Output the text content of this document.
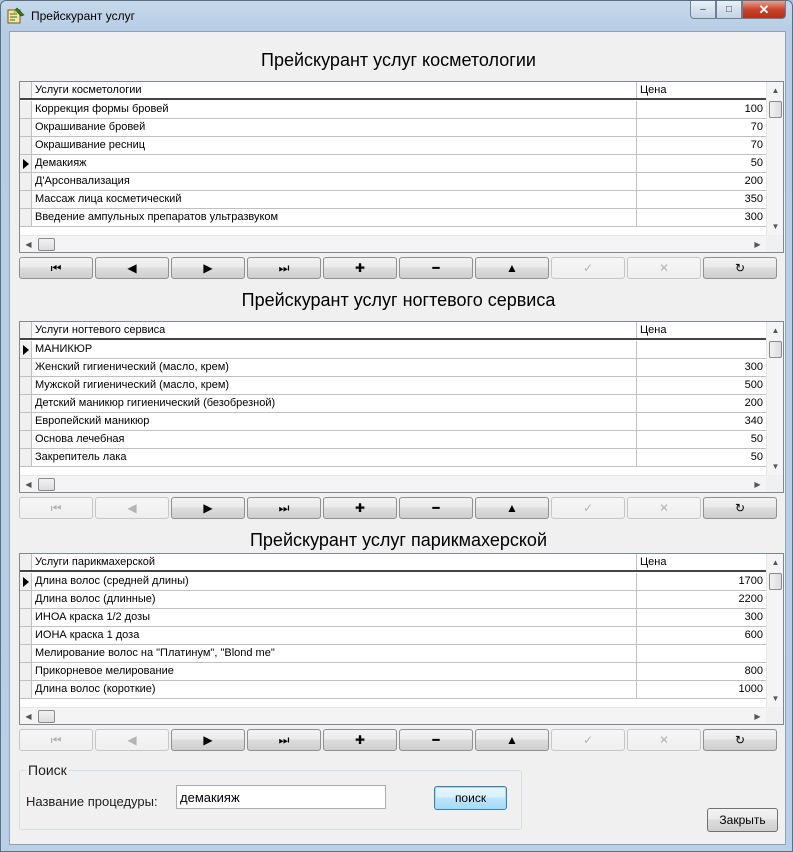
Прейскурант услуг	‒ □ ✕
Поиск
Название процедуры:
демакияж	поиск
Закрыть
Прейскурант услуг косметологии
Услуги косметологии	Цена
Коррекция формы бровей	100
Окрашивание бровей	70
Окрашивание ресниц	70
Демакияж	50
Д'Арсонвализация	200
Массаж лица косметический	350
Введение ампульных препаратов ультразвуком	300
▲
▼
◀	▶
⏮	◀	▶	⏭	✚	━	▲	✓	✕	↻
Прейскурант услуг ногтевого сервиса
Услуги ногтевого сервиса	Цена
МАНИКЮР
Женский гигиенический (масло, крем)	300
Мужской гигиенический (масло, крем)	500
Детский маникюр гигиенический (безобрезной)	200
Европейский маникюр	340
Основа лечебная	50
Закрепитель лака	50
▲
▼
◀	▶
⏮	◀	▶	⏭	✚	━	▲	✓	✕	↻
Прейскурант услуг парикмахерской
Услуги парикмахерской	Цена
Длина волос (средней длины)	1700
Длина волос (длинные)	2200
ИНОА краска 1/2 дозы	300
ИОНА краска 1 доза	600
Мелирование волос на "Платинум", "Blond me"
Прикорневое мелирование	800
Длина волос (короткие)	1000
▲
▼
◀	▶
⏮	◀	▶	⏭	✚	━	▲	✓	✕	↻
